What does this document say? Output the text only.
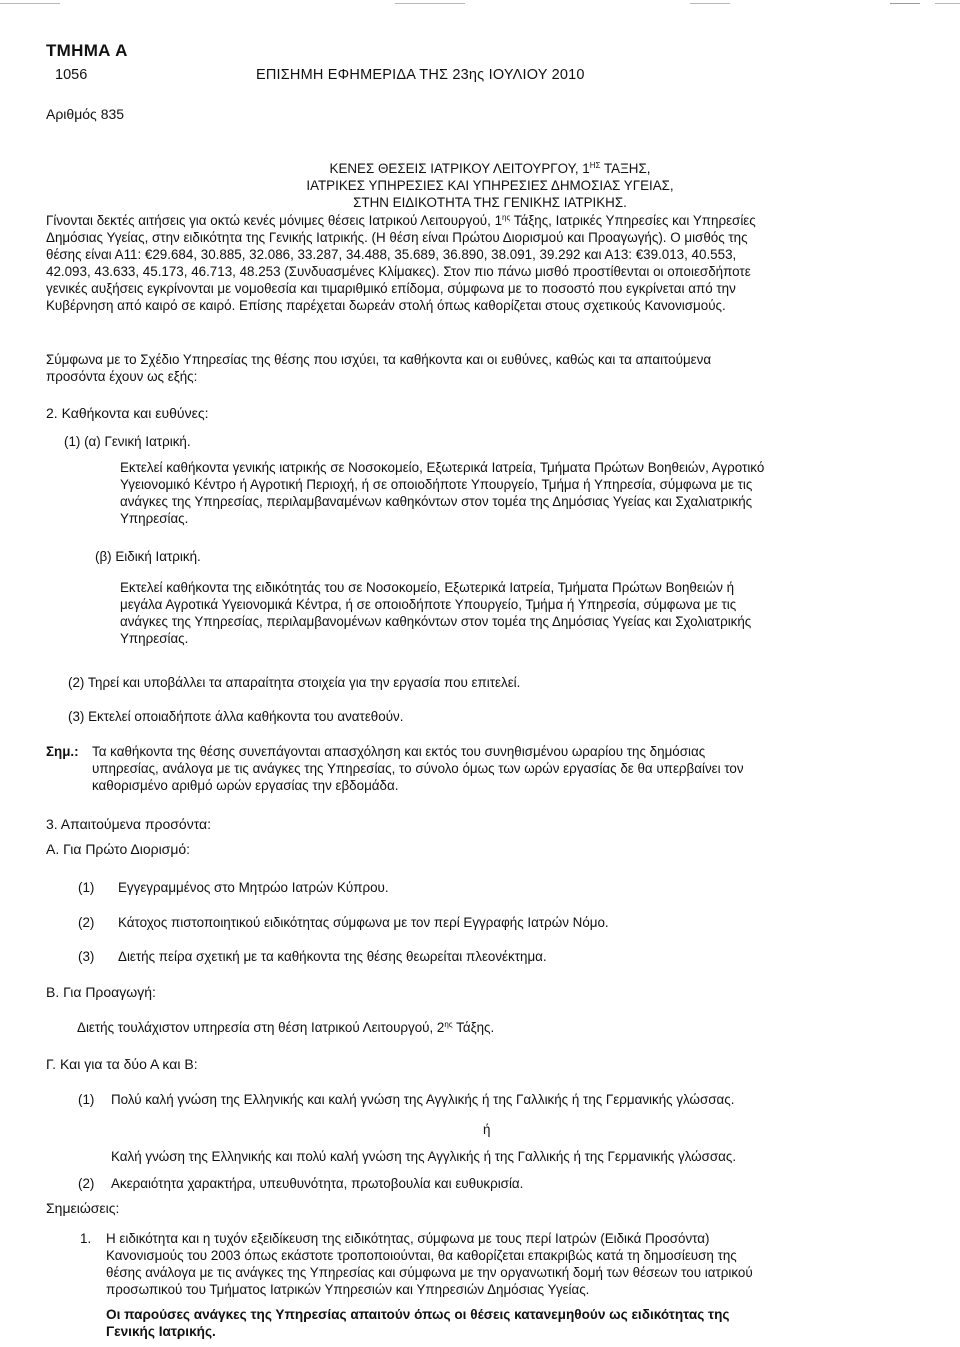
ΤΜΗΜΑ Α
1056	ΕΠΙΣΗΜΗ ΕΦΗΜΕΡΙΔΑ ΤΗΣ 23ης ΙΟΥΛΙΟΥ 2010
Αριθμός 835
ΚΕΝΕΣ ΘΕΣΕΙΣ ΙΑΤΡΙΚΟΥ ΛΕΙΤΟΥΡΓΟΥ, $1^{H\Sigma}$ ΤΑΞΗΣ,
ΙΑΤΡΙΚΕΣ ΥΠΗΡΕΣΙΕΣ ΚΑΙ ΥΠΗΡΕΣΙΕΣ ΔΗΜΟΣΙΑΣ ΥΓΕΙΑΣ,
ΣΤΗΝ ΕΙΔΙΚΟΤΗΤΑ ΤΗΣ ΓΕΝΙΚΗΣ ΙΑΤΡΙΚΗΣ.
Γίνονται δεκτές αιτήσεις για οκτώ κενές μόνιμες θέσεις Ιατρικού Λειτουργού, $1^{\eta\varsigma}$ Τάξης, Ιατρικές Υπηρεσίες και Υπηρεσίες
Δημόσιας Υγείας, στην ειδικότητα της Γενικής Ιατρικής. (Η θέση είναι Πρώτου Διορισμού και Προαγωγής). Ο μισθός της
θέσης είναι Α11: €29.684, 30.885, 32.086, 33.287, 34.488, 35.689, 36.890, 38.091, 39.292 και Α13: €39.013, 40.553,
42.093, 43.633, 45.173, 46.713, 48.253 (Συνδυασμένες Κλίμακες). Στον πιο πάνω μισθό προστίθενται οι οποιεσδήποτε
γενικές αυξήσεις εγκρίνονται με νομοθεσία και τιμαριθμικό επίδομα, σύμφωνα με το ποσοστό που εγκρίνεται από την
Κυβέρνηση από καιρό σε καιρό. Επίσης παρέχεται δωρεάν στολή όπως καθορίζεται στους σχετικούς Κανονισμούς.
Σύμφωνα με το Σχέδιο Υπηρεσίας της θέσης που ισχύει, τα καθήκοντα και οι ευθύνες, καθώς και τα απαιτούμενα
προσόντα έχουν ως εξής:
2. Καθήκοντα και ευθύνες:
(1) (α) Γενική Ιατρική.
Εκτελεί καθήκοντα γενικής ιατρικής σε Νοσοκομείο, Εξωτερικά Ιατρεία, Τμήματα Πρώτων Βοηθειών, Αγροτικό
Υγειονομικό Κέντρο ή Αγροτική Περιοχή, ή σε οποιοδήποτε Υπουργείο, Τμήμα ή Υπηρεσία, σύμφωνα με τις
ανάγκες της Υπηρεσίας, περιλαμβαναμένων καθηκόντων στον τομέα της Δημόσιας Υγείας και Σχαλιατρικής
Υπηρεσίας.
(β) Ειδική Ιατρική.
Εκτελεί καθήκοντα της ειδικότητάς του σε Νοσοκομείο, Εξωτερικά Ιατρεία, Τμήματα Πρώτων Βοηθειών ή
μεγάλα Αγροτικά Υγειονομικά Κέντρα, ή σε οποιοδήποτε Υπουργείο, Τμήμα ή Υπηρεσία, σύμφωνα με τις
ανάγκες της Υπηρεσίας, περιλαμβανομένων καθηκόντων στον τομέα της Δημόσιας Υγείας και Σχολιατρικής
Υπηρεσίας.
(2) Τηρεί και υποβάλλει τα απαραίτητα στοιχεία για την εργασία που επιτελεί.
(3) Εκτελεί οποιαδήποτε άλλα καθήκοντα του ανατεθούν.
Σημ.: Τα καθήκοντα της θέσης συνεπάγονται απασχόληση και εκτός του συνηθισμένου ωραρίου της δημόσιας
υπηρεσίας, ανάλογα με τις ανάγκες της Υπηρεσίας, το σύνολο όμως των ωρών εργασίας δε θα υπερβαίνει τον
καθορισμένο αριθμό ωρών εργασίας την εβδομάδα.
3. Απαιτούμενα προσόντα:
Α. Για Πρώτο Διορισμό:
(1) Εγγεγραμμένος στο Μητρώο Ιατρών Κύπρου.
(2) Κάτοχος πιστοποιητικού ειδικότητας σύμφωνα με τον περί Εγγραφής Ιατρών Νόμο.
(3) Διετής πείρα σχετική με τα καθήκοντα της θέσης θεωρείται πλεονέκτημα.
Β. Για Προαγωγή:
Διετής τουλάχιστον υπηρεσία στη θέση Ιατρικού Λειτουργού, $2^{\eta\varsigma}$ Τάξης.
Γ. Και για τα δύο Α και Β:
(1) Πολύ καλή γνώση της Ελληνικής και καλή γνώση της Αγγλικής ή της Γαλλικής ή της Γερμανικής γλώσσας.
ή
Καλή γνώση της Ελληνικής και πολύ καλή γνώση της Αγγλικής ή της Γαλλικής ή της Γερμανικής γλώσσας.
(2) Ακεραιότητα χαρακτήρα, υπευθυνότητα, πρωτοβουλία και ευθυκρισία.
Σημειώσεις:
1. Η ειδικότητα και η τυχόν εξειδίκευση της ειδικότητας, σύμφωνα με τους περί Ιατρών (Ειδικά Προσόντα)
Κανονισμούς του 2003 όπως εκάστοτε τροποποιούνται, θα καθορίζεται επακριβώς κατά τη δημοσίευση της
θέσης ανάλογα με τις ανάγκες της Υπηρεσίας και σύμφωνα με την οργανωτική δομή των θέσεων του ιατρικού
προσωπικού του Τμήματος Ιατρικών Υπηρεσιών και Υπηρεσιών Δημόσιας Υγείας.
Οι παρούσες ανάγκες της Υπηρεσίας απαιτούν όπως οι θέσεις κατανεμηθούν ως ειδικότητας της
Γενικής Ιατρικής.
